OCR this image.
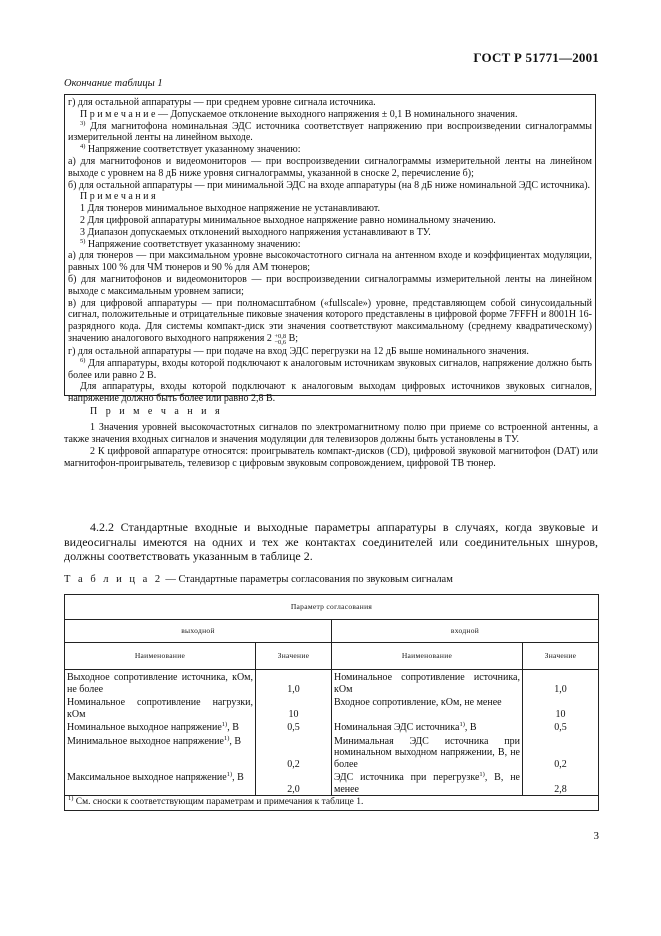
ГОСТ Р 51771—2001
Окончание таблицы 1

г) для остальной аппаратуры — при среднем уровне сигнала источника.

П р и м е ч а н и е — Допускаемое отклонение выходного напряжения ± 0,1 В номинального значения.

$^{3)}$ Для магнитофона номинальная ЭДС источника соответствует напряжению при воспроизведении сигналограммы измерительной ленты на линейном выходе.

$^{4)}$ Напряжение соответствует указанному значению:

а) для магнитофонов и видеомониторов — при воспроизведении сигналограммы измерительной ленты на линейном выходе с уровнем на 8 дБ ниже уровня сигналограммы, указанной в сноске 2, перечисление б);

б) для остальной аппаратуры — при минимальной ЭДС на входе аппаратуры (на 8 дБ ниже номинальной ЭДС источника).

П р и м е ч а н и я

1 Для тюнеров минимальное выходное напряжение не устанавливают.

2 Для цифровой аппаратуры минимальное выходное напряжение равно номинальному значению.

3 Диапазон допускаемых отклонений выходного напряжения устанавливают в ТУ.

$^{5)}$ Напряжение соответствует указанному значению:

а) для тюнеров — при максимальном уровне высокочастотного сигнала на антенном входе и коэффициентах модуляции, равных 100 % для ЧМ тюнеров и 90 % для АМ тюнеров;

б) для магнитофонов и видеомониторов — при воспроизведении сигналограммы измерительной ленты на линейном выходе с максимальным уровнем записи;

в) для цифровой аппаратуры — при полномасштабном («fullscale») уровне, представляющем собой синусоидальный сигнал, положительные и отрицательные пиковые значения которого представлены в цифровой форме 7FFFH и 8001H 16-разрядного кода. Для системы компакт-диск эти значения соответствуют максимальному (среднему квадратическому) значению аналогового выходного напряжения 2 +0,8
−0,6 В;

г) для остальной аппаратуры — при подаче на вход ЭДС перегрузки на 12 дБ выше номинального значения.

$^{6)}$ Для аппаратуры, входы которой подключают к аналоговым источникам звуковых сигналов, напряжение должно быть более или равно 2 В.

Для аппаратуры, входы которой подключают к аналоговым выходам цифровых источников звуковых сигналов, напряжение должно быть более или равно 2,8 В.

П р и м е ч а н и я

1 Значения уровней высокочастотных сигналов по электромагнитному полю при приеме со встроенной антенны, а также значения входных сигналов и значения модуляции для телевизоров должны быть установлены в ТУ.

2 К цифровой аппаратуре относятся: проигрыватель компакт-дисков (CD), цифровой звуковой магнитофон (DAT) или магнитофон-проигрыватель, телевизор с цифровым звуковым сопровождением, цифровой ТВ тюнер.

4.2.2 Стандартные входные и выходные параметры аппаратуры в случаях, когда звуковые и видеосигналы имеются на одних и тех же контактах соединителей или соединительных шнуров, должны соответствовать указанным в таблице 2.

Т а б л и ц а 2 — Стандартные параметры согласования по звуковым сигналам
Параметр согласования			
выходной		входной	
Наименование	Значение	Наименование	Значение
Выходное сопротивление источника, кОм, не более	1,0	Номинальное сопротивление источника, кОм	1,0
Номинальное сопротивление нагрузки, кОм	10	Входное сопротивление, кОм, не менее	10
Номинальное выходное напряжение$^{1)}$, В	0,5	Номинальная ЭДС источника$^{1)}$, В	0,5
Минимальное выходное напряжение$^{1)}$, В	0,2	Минимальная ЭДС источника при номинальном выходном напряжении, В, не более	0,2
Максимальное выходное напряжение$^{1)}$, В	2,0	ЭДС источника при перегрузке$^{1)}$, В, не менее	2,8
$^{1)}$ См. сноски к соответствующим параметрам и примечания к таблице 1.			
3
